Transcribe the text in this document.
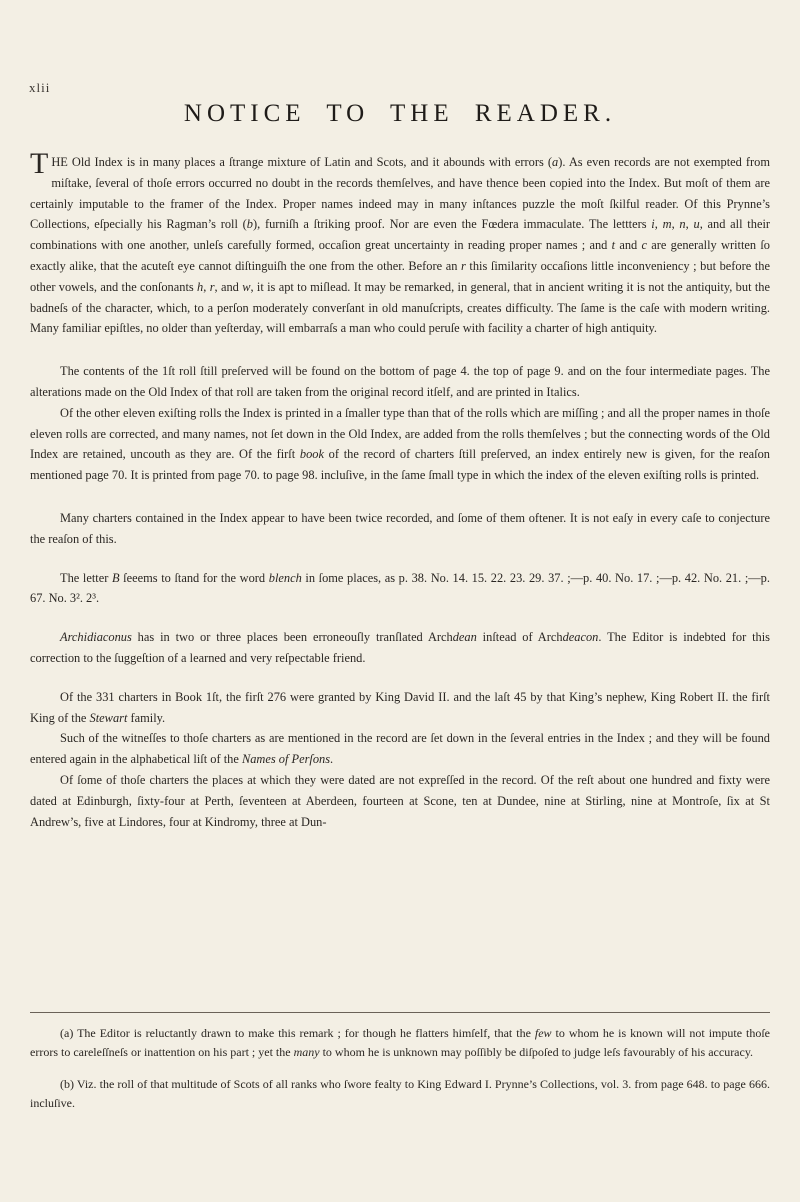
xlii
NOTICE TO THE READER.

THE Old Index is in many places a ſtrange mixture of Latin and Scots, and it abounds with errors (a). As even records are not exempted from miſtake, ſeveral of thoſe errors occurred no doubt in the records themſelves, and have thence been copied into the Index. But moſt of them are certainly imputable to the framer of the Index. Proper names indeed may in many inſtances puzzle the moſt ſkilful reader. Of this Prynne’s Collections, eſpecially his Ragman’s roll (b), furniſh a ſtriking proof. Nor are even the Fœdera immaculate. The lettters i, m, n, u, and all their combinations with one another, unleſs carefully formed, occaſion great uncertainty in reading proper names ; and t and c are generally written ſo exactly alike, that the acuteſt eye cannot diſtinguiſh the one from the other. Before an r this ſimilarity occaſions little inconveniency ; but before the other vowels, and the conſonants h, r, and w, it is apt to miſlead. It may be remarked, in general, that in ancient writing it is not the antiquity, but the badneſs of the character, which, to a perſon moderately converſant in old manuſcripts, creates difficulty. The ſame is the caſe with modern writing. Many familiar epiſtles, no older than yeſterday, will embarraſs a man who could peruſe with facility a charter of high antiquity.

The contents of the 1ſt roll ſtill preſerved will be found on the bottom of page 4. the top of page 9. and on the four intermediate pages. The alterations made on the Old Index of that roll are taken from the original record itſelf, and are printed in Italics.

Of the other eleven exiſting rolls the Index is printed in a ſmaller type than that of the rolls which are miſſing ; and all the proper names in thoſe eleven rolls are corrected, and many names, not ſet down in the Old Index, are added from the rolls themſelves ; but the connecting words of the Old Index are retained, uncouth as they are. Of the firſt book of the record of charters ſtill preſerved, an index entirely new is given, for the reaſon mentioned page 70. It is printed from page 70. to page 98. incluſive, in the ſame ſmall type in which the index of the eleven exiſting rolls is printed.

Many charters contained in the Index appear to have been twice recorded, and ſome of them oftener. It is not eaſy in every caſe to conjecture the reaſon of this.

The letter B ſeeems to ſtand for the word blench in ſome places, as p. 38. No. 14. 15. 22. 23. 29. 37. ;—p. 40. No. 17. ;—p. 42. No. 21. ;—p. 67. No. 3². 2³.

Archidiaconus has in two or three places been erroneouſly tranſlated Archdean inſtead of Archdeacon. The Editor is indebted for this correction to the ſuggeſtion of a learned and very reſpectable friend.

Of the 331 charters in Book 1ſt, the firſt 276 were granted by King David II. and the laſt 45 by that King’s nephew, King Robert II. the firſt King of the Stewart family.

Such of the witneſſes to thoſe charters as are mentioned in the record are ſet down in the ſeveral entries in the Index ; and they will be found entered again in the alphabetical liſt of the Names of Perſons.

Of ſome of thoſe charters the places at which they were dated are not expreſſed in the record. Of the reſt about one hundred and fixty were dated at Edinburgh, ſixty-four at Perth, ſeventeen at Aberdeen, fourteen at Scone, ten at Dundee, nine at Stirling, nine at Montroſe, ſix at St Andrew’s, five at Lindores, four at Kindromy, three at Dun-

(a) The Editor is reluctantly drawn to make this remark ; for though he flatters himſelf, that the few to whom he is known will not impute thoſe errors to careleſſneſs or inattention on his part ; yet the many to whom he is unknown may poſſibly be diſpoſed to judge leſs favourably of his accuracy.

(b) Viz. the roll of that multitude of Scots of all ranks who ſwore fealty to King Edward I. Prynne’s Collections, vol. 3. from page 648. to page 666. incluſive.
